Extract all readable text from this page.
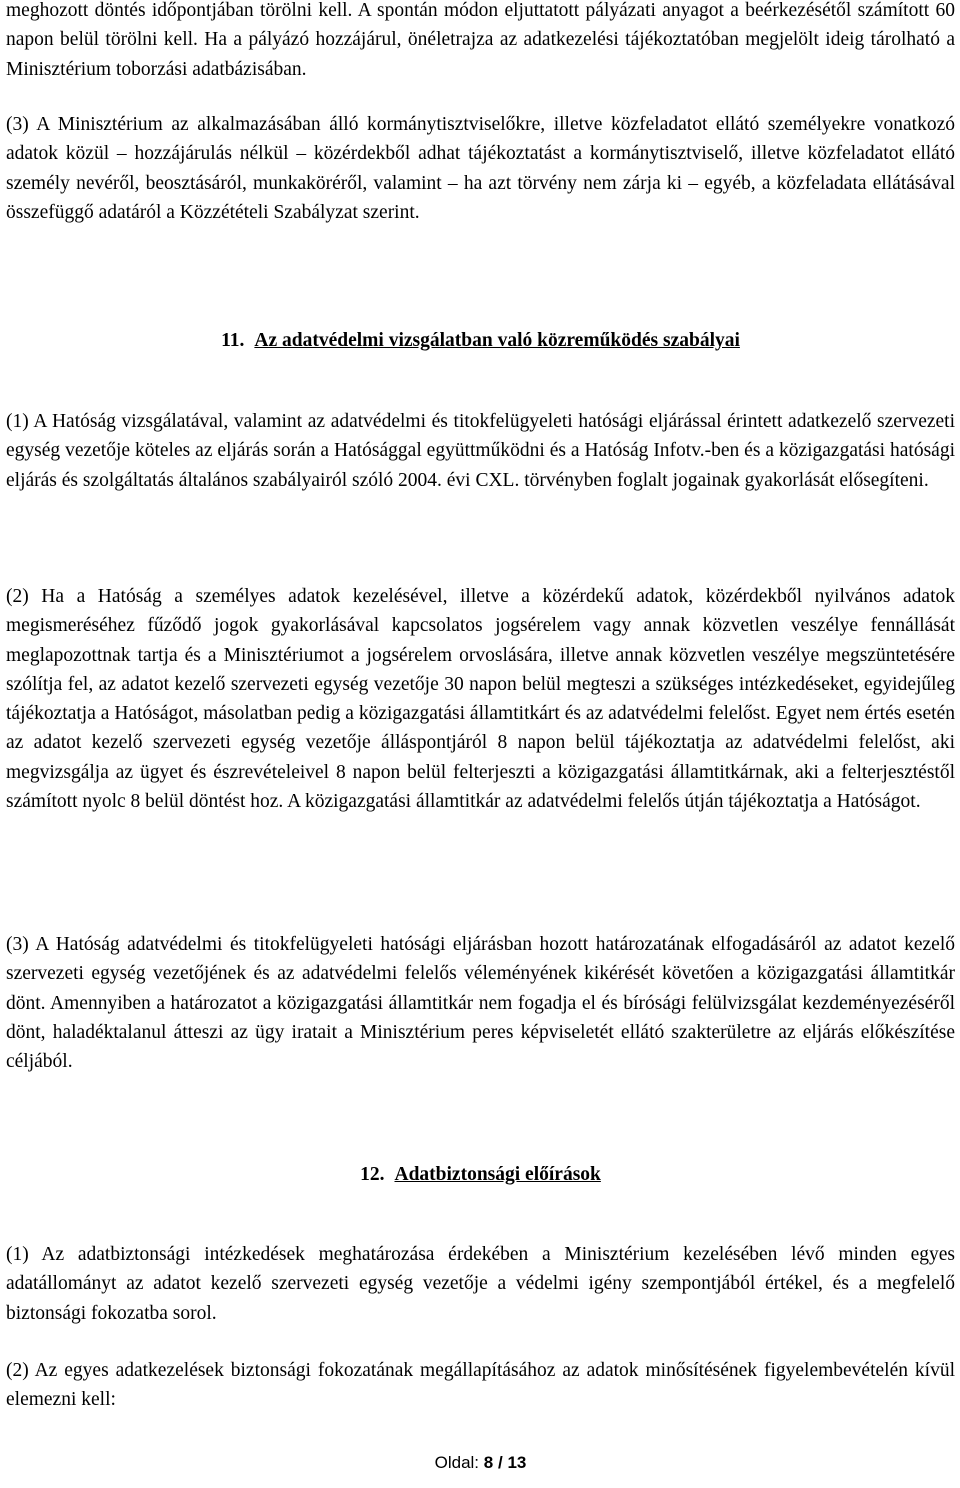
meghozott döntés időpontjában törölni kell. A spontán módon eljuttatott pályázati anyagot a beérkezésétől számított 60 napon belül törölni kell. Ha a pályázó hozzájárul, önéletrajza az adatkezelési tájékoztatóban megjelölt ideig tárolható a Minisztérium toborzási adatbázisában.

(3) A Minisztérium az alkalmazásában álló kormánytisztviselőkre, illetve közfeladatot ellátó személyekre vonatkozó adatok közül – hozzájárulás nélkül – közérdekből adhat tájékoztatást a kormánytisztviselő, illetve közfeladatot ellátó személy nevéről, beosztásáról, munkaköréről, valamint – ha azt törvény nem zárja ki – egyéb, a közfeladata ellátásával összefüggő adatáról a Közzétételi Szabályzat szerint.

11. Az adatvédelmi vizsgálatban való közreműködés szabályai

(1) A Hatóság vizsgálatával, valamint az adatvédelmi és titokfelügyeleti hatósági eljárással érintett adatkezelő szervezeti egység vezetője köteles az eljárás során a Hatósággal együttműködni és a Hatóság Infotv.-ben és a közigazgatási hatósági eljárás és szolgáltatás általános szabályairól szóló 2004. évi CXL. törvényben foglalt jogainak gyakorlását elősegíteni.

(2) Ha a Hatóság a személyes adatok kezelésével, illetve a közérdekű adatok, közérdekből nyilvános adatok megismeréséhez fűződő jogok gyakorlásával kapcsolatos jogsérelem vagy annak közvetlen veszélye fennállását meglapozottnak tartja és a Minisztériumot a jogsérelem orvoslására, illetve annak közvetlen veszélye megszüntetésére szólítja fel, az adatot kezelő szervezeti egység vezetője 30 napon belül megteszi a szükséges intézkedéseket, egyidejűleg tájékoztatja a Hatóságot, másolatban pedig a közigazgatási államtitkárt és az adatvédelmi felelőst. Egyet nem értés esetén az adatot kezelő szervezeti egység vezetője álláspontjáról 8 napon belül tájékoztatja az adatvédelmi felelőst, aki megvizsgálja az ügyet és észrevételeivel 8 napon belül felterjeszti a közigazgatási államtitkárnak, aki a felterjesztéstől számított nyolc 8 belül döntést hoz. A közigazgatási államtitkár az adatvédelmi felelős útján tájékoztatja a Hatóságot.

(3) A Hatóság adatvédelmi és titokfelügyeleti hatósági eljárásban hozott határozatának elfogadásáról az adatot kezelő szervezeti egység vezetőjének és az adatvédelmi felelős véleményének kikérését követően a közigazgatási államtitkár dönt. Amennyiben a határozatot a közigazgatási államtitkár nem fogadja el és bírósági felülvizsgálat kezdeményezéséről dönt, haladéktalanul átteszi az ügy iratait a Minisztérium peres képviseletét ellátó szakterületre az eljárás előkészítése céljából.

12. Adatbiztonsági előírások

(1) Az adatbiztonsági intézkedések meghatározása érdekében a Minisztérium kezelésében lévő minden egyes adatállományt az adatot kezelő szervezeti egység vezetője a védelmi igény szempontjából értékel, és a megfelelő biztonsági fokozatba sorol.

(2) Az egyes adatkezelések biztonsági fokozatának megállapításához az adatok minősítésének figyelembevételén kívül elemezni kell:

Oldal: 8 / 13
